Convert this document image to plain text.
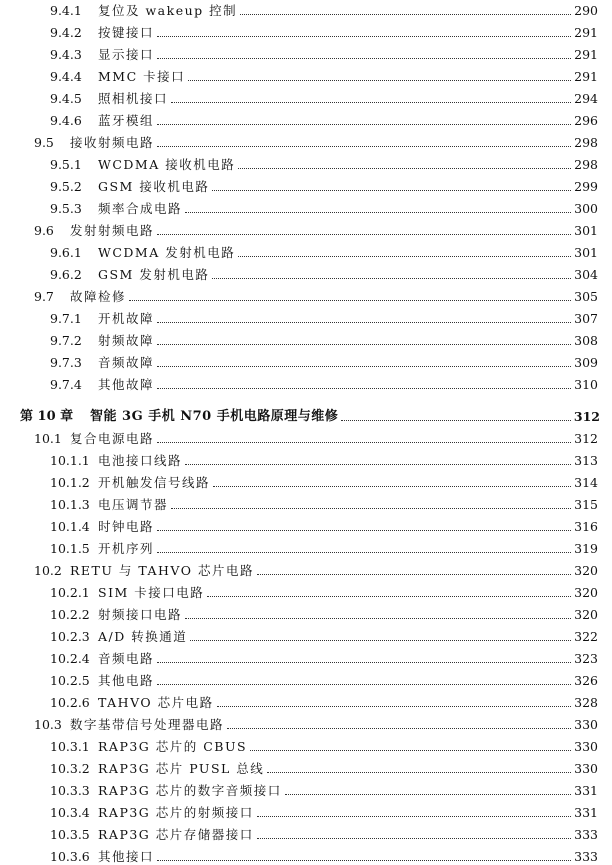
9.4.1	复位及 wakeup 控制	290
9.4.2	按键接口	291
9.4.3	显示接口	291
9.4.4	MMC 卡接口	291
9.4.5	照相机接口	294
9.4.6	蓝牙模组	296
9.5	接收射频电路	298
9.5.1	WCDMA 接收机电路	298
9.5.2	GSM 接收机电路	299
9.5.3	频率合成电路	300
9.6	发射射频电路	301
9.6.1	WCDMA 发射机电路	301
9.6.2	GSM 发射机电路	304
9.7	故障检修	305
9.7.1	开机故障	307
9.7.2	射频故障	308
9.7.3	音频故障	309
9.7.4	其他故障	310
第 10 章	智能 3G 手机 N70 手机电路原理与维修	312
10.1 复合电源电路	312
10.1.1 电池接口线路	313
10.1.2 开机触发信号线路	314
10.1.3 电压调节器	315
10.1.4 时钟电路	316
10.1.5 开机序列	319
10.2 RETU 与 TAHVO 芯片电路	320
10.2.1 SIM 卡接口电路	320
10.2.2 射频接口电路	320
10.2.3 A/D 转换通道	322
10.2.4 音频电路	323
10.2.5 其他电路	326
10.2.6 TAHVO 芯片电路	328
10.3 数字基带信号处理器电路	330
10.3.1 RAP3G 芯片的 CBUS	330
10.3.2 RAP3G 芯片 PUSL 总线	330
10.3.3 RAP3G 芯片的数字音频接口	331
10.3.4 RAP3G 芯片的射频接口	331
10.3.5 RAP3G 芯片存储器接口	333
10.3.6 其他接口	333
